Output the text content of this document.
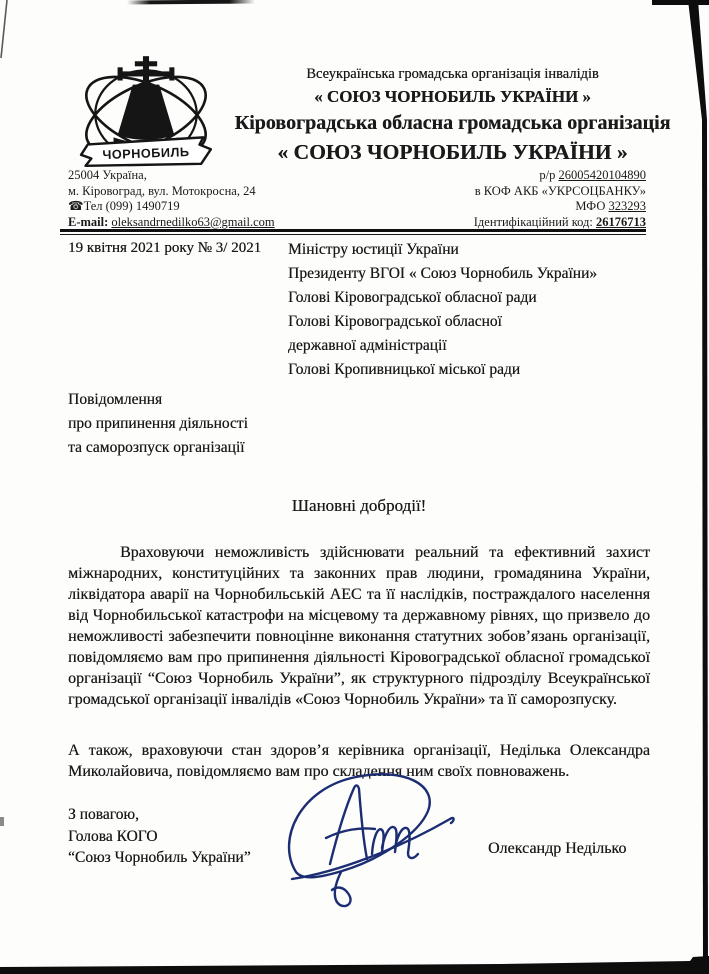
ЧОРНОБИЛЬ
Всеукраїнська громадська організація інвалідів
« СОЮЗ ЧОРНОБИЛЬ УКРАЇНИ »
Кіровоградська обласна громадська організація
« СОЮЗ ЧОРНОБИЛЬ УКРАЇНИ »
25004 Україна,
м. Кіровоград, вул. Мотокросна, 24
☎Тел (099) 1490719
E-mail: oleksandrnedilko63@gmail.com
р/р 26005420104890
в КОФ АКБ «УКРСОЦБАНКУ»
МФО 323293
Ідентифікаційний код: 26176713
19 квітня 2021 року № 3/ 2021 Міністру юстиції України
Президенту ВГОІ « Союз Чорнобиль України»
Голові Кіровоградської обласної ради
Голові Кіровоградської обласної
державної адміністрації
Голові Кропивницької міської ради
Повідомлення
про припинення діяльності
та саморозпуск організації
Шановні добродії!
Враховуючи неможливість здійснювати реальний та ефективний захист міжнародних, конституційних та законних прав людини, громадянина України, ліквідатора аварії на Чорнобильській АЕС та її наслідків, постраждалого населення від Чорнобильської катастрофи на місцевому та державному рівнях, що призвело до неможливості забезпечити повноцінне виконання статутних зобов’язань організації, повідомляємо вам про припинення діяльності Кіровоградської обласної громадської організації “Союз Чорнобиль України”, як структурного підрозділу Всеукраїнської громадської організації інвалідів «Союз Чорнобиль України» та її саморозпуску.
А також, враховуючи стан здоров’я керівника організації, Неділька Олександра Миколайовича, повідомляємо вам про складення ним своїх повноважень.
З повагою,
Голова КОГО
“Союз Чорнобиль України”
Олександр Неділько
